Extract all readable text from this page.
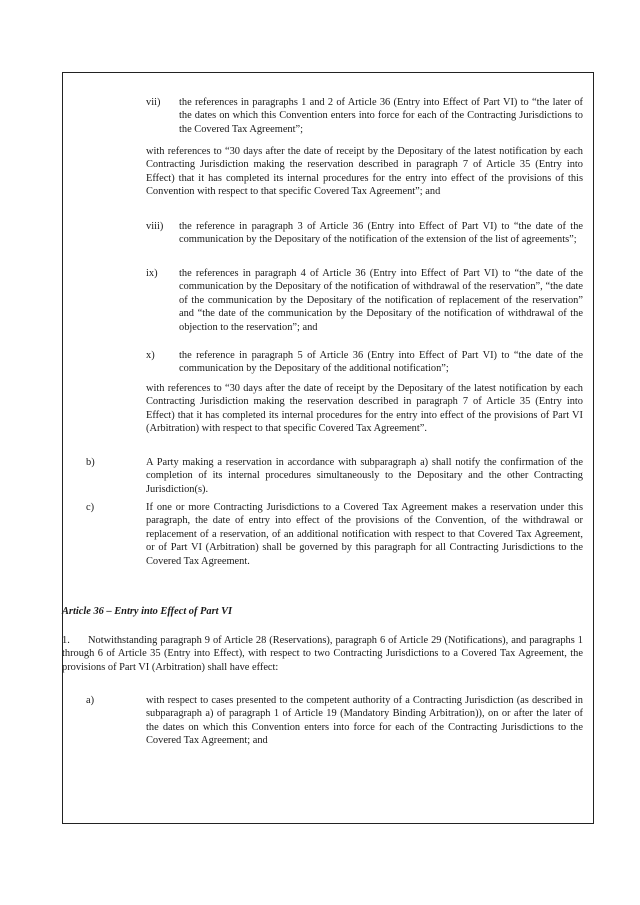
vii) the references in paragraphs 1 and 2 of Article 36 (Entry into Effect of Part VI) to “the later of the dates on which this Convention enters into force for each of the Contracting Jurisdictions to the Covered Tax Agreement”;

with references to “30 days after the date of receipt by the Depositary of the latest notification by each Contracting Jurisdiction making the reservation described in paragraph 7 of Article 35 (Entry into Effect) that it has completed its internal procedures for the entry into effect of the provisions of this Convention with respect to that specific Covered Tax Agreement”; and

viii) the reference in paragraph 3 of Article 36 (Entry into Effect of Part VI) to “the date of the communication by the Depositary of the notification of the extension of the list of agreements”;

ix) the references in paragraph 4 of Article 36 (Entry into Effect of Part VI) to “the date of the communication by the Depositary of the notification of withdrawal of the reservation”, “the date of the communication by the Depositary of the notification of replacement of the reservation” and “the date of the communication by the Depositary of the notification of withdrawal of the objection to the reservation”; and

x) the reference in paragraph 5 of Article 36 (Entry into Effect of Part VI) to “the date of the communication by the Depositary of the additional notification”;

with references to “30 days after the date of receipt by the Depositary of the latest notification by each Contracting Jurisdiction making the reservation described in paragraph 7 of Article 35 (Entry into Effect) that it has completed its internal procedures for the entry into effect of the provisions of Part VI (Arbitration) with respect to that specific Covered Tax Agreement”.

b)	A Party making a reservation in accordance with subparagraph a) shall notify the confirmation of the completion of its internal procedures simultaneously to the Depositary and the other Contracting Jurisdiction(s).

c)	If one or more Contracting Jurisdictions to a Covered Tax Agreement makes a reservation under this paragraph, the date of entry into effect of the provisions of the Convention, of the withdrawal or replacement of a reservation, of an additional notification with respect to that Covered Tax Agreement, or of Part VI (Arbitration) shall be governed by this paragraph for all Contracting Jurisdictions to the Covered Tax Agreement.

Article 36 – Entry into Effect of Part VI

1. Notwithstanding paragraph 9 of Article 28 (Reservations), paragraph 6 of Article 29 (Notifications), and paragraphs 1 through 6 of Article 35 (Entry into Effect), with respect to two Contracting Jurisdictions to a Covered Tax Agreement, the provisions of Part VI (Arbitration) shall have effect:

a)	with respect to cases presented to the competent authority of a Contracting Jurisdiction (as described in subparagraph a) of paragraph 1 of Article 19 (Mandatory Binding Arbitration)), on or after the later of the dates on which this Convention enters into force for each of the Contracting Jurisdictions to the Covered Tax Agreement; and
